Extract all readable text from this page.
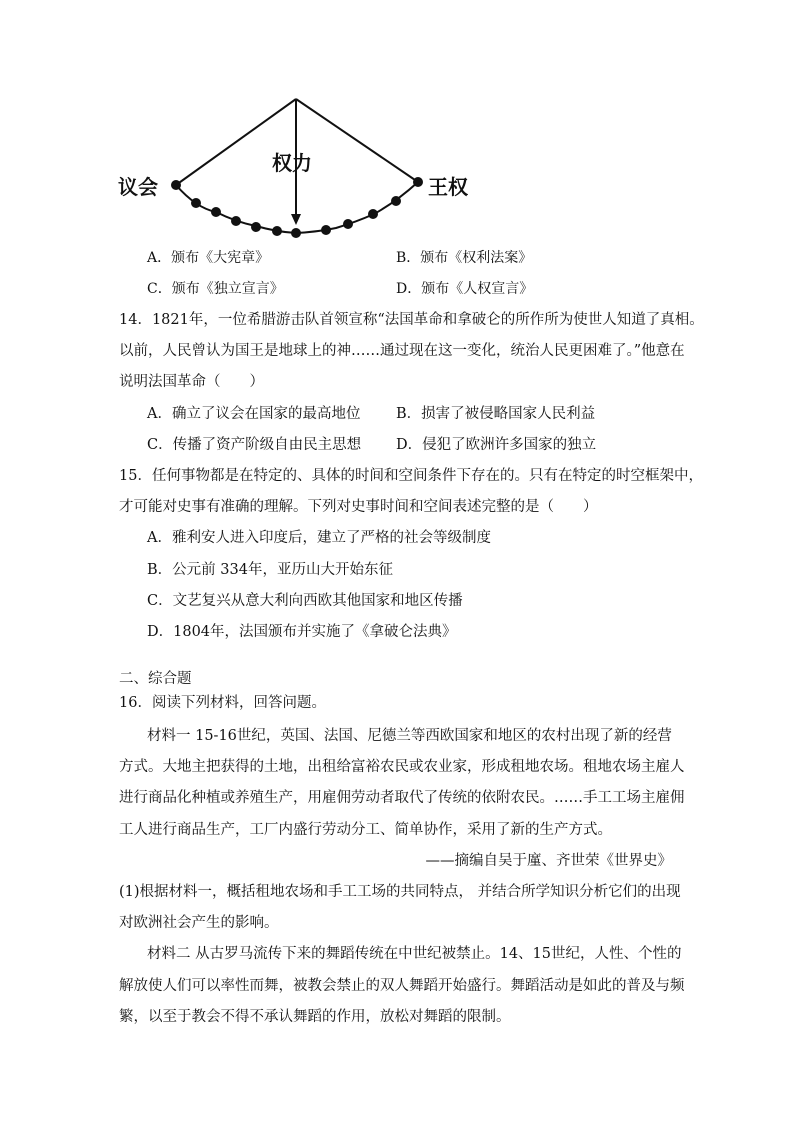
议会
权力
王权
A．颁布《大宪章》	B．颁布《权利法案》
C．颁布《独立宣言》	D．颁布《人权宣言》
14．1821年，一位希腊游击队首领宣称“法国革命和拿破仑的所作所为使世人知道了真相。
以前，人民曾认为国王是地球上的神……通过现在这一变化，统治人民更困难了。”他意在
说明法国革命（　　）
A．确立了议会在国家的最高地位 B．损害了被侵略国家人民利益
C．传播了资产阶级自由民主思想 D．侵犯了欧洲许多国家的独立
15．任何事物都是在特定的、具体的时间和空间条件下存在的。只有在特定的时空框架中，
才可能对史事有准确的理解。下列对史事时间和空间表述完整的是（　　）
A．雅利安人进入印度后，建立了严格的社会等级制度
B．公元前 334年，亚历山大开始东征
C．文艺复兴从意大利向西欧其他国家和地区传播
D．1804年，法国颁布并实施了《拿破仑法典》
二、综合题
16．阅读下列材料，回答问题。
材料一 15-16世纪，英国、法国、尼德兰等西欧国家和地区的农村出现了新的经营
方式。大地主把获得的土地，出租给富裕农民或农业家，形成租地农场。租地农场主雇人
进行商品化种植或养殖生产，用雇佣劳动者取代了传统的依附农民。……手工工场主雇佣
工人进行商品生产，工厂内盛行劳动分工、简单协作，采用了新的生产方式。
——摘编自吴于廑、齐世荣《世界史》
(1)根据材料一，概括租地农场和手工工场的共同特点， 并结合所学知识分析它们的出现
对欧洲社会产生的影响。
材料二 从古罗马流传下来的舞蹈传统在中世纪被禁止。14、15世纪，人性、个性的
解放使人们可以率性而舞，被教会禁止的双人舞蹈开始盛行。舞蹈活动是如此的普及与频
繁，以至于教会不得不承认舞蹈的作用，放松对舞蹈的限制。
